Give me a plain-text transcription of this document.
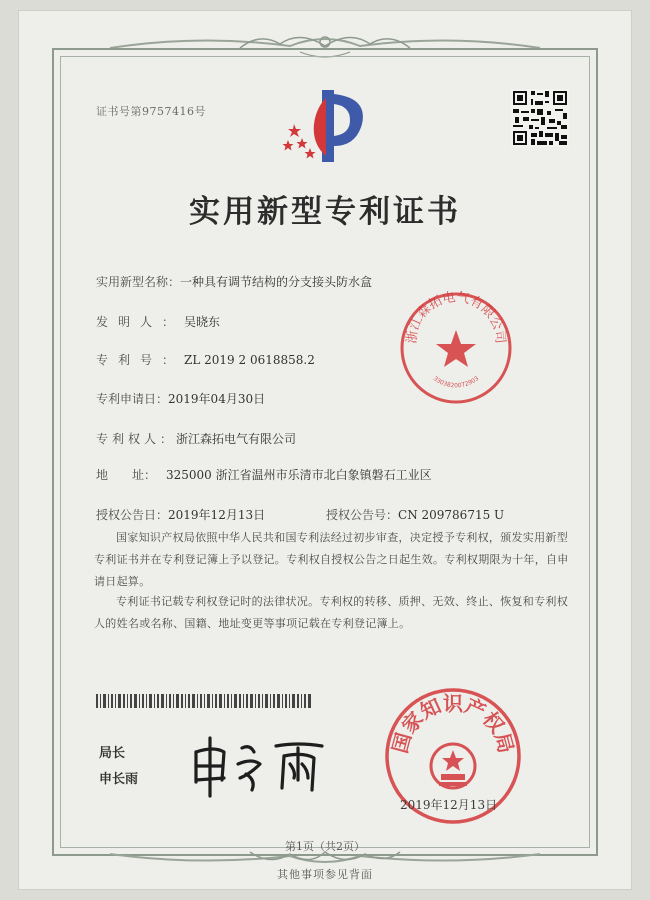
证书号第9757416号
实用新型专利证书
实用新型名称：一种具有调节结构的分支接头防水盒
发明人：吴晓东
专利号：ZL 2019 2 0618858.2
专利申请日：2019年04月30日
专利权人：浙江森拓电气有限公司
地　　址： 325000 浙江省温州市乐清市北白象镇磐石工业区
授权公告日：2019年12月13日	授权公告号：CN 209786715 U

国家知识产权局依照中华人民共和国专利法经过初步审查，决定授予专利权，颁发实用新型专利证书并在专利登记簿上予以登记。专利权自授权公告之日起生效。专利权期限为十年，自申请日起算。

专利证书记载专利权登记时的法律状况。专利权的转移、质押、无效、终止、恢复和专利权人的姓名或名称、国籍、地址变更等事项记载在专利登记簿上。

浙江森拓电气有限公司
3303820072903
局长
申长雨
国家知识产权局
2019年12月13日
第1页（共2页）
其他事项参见背面
